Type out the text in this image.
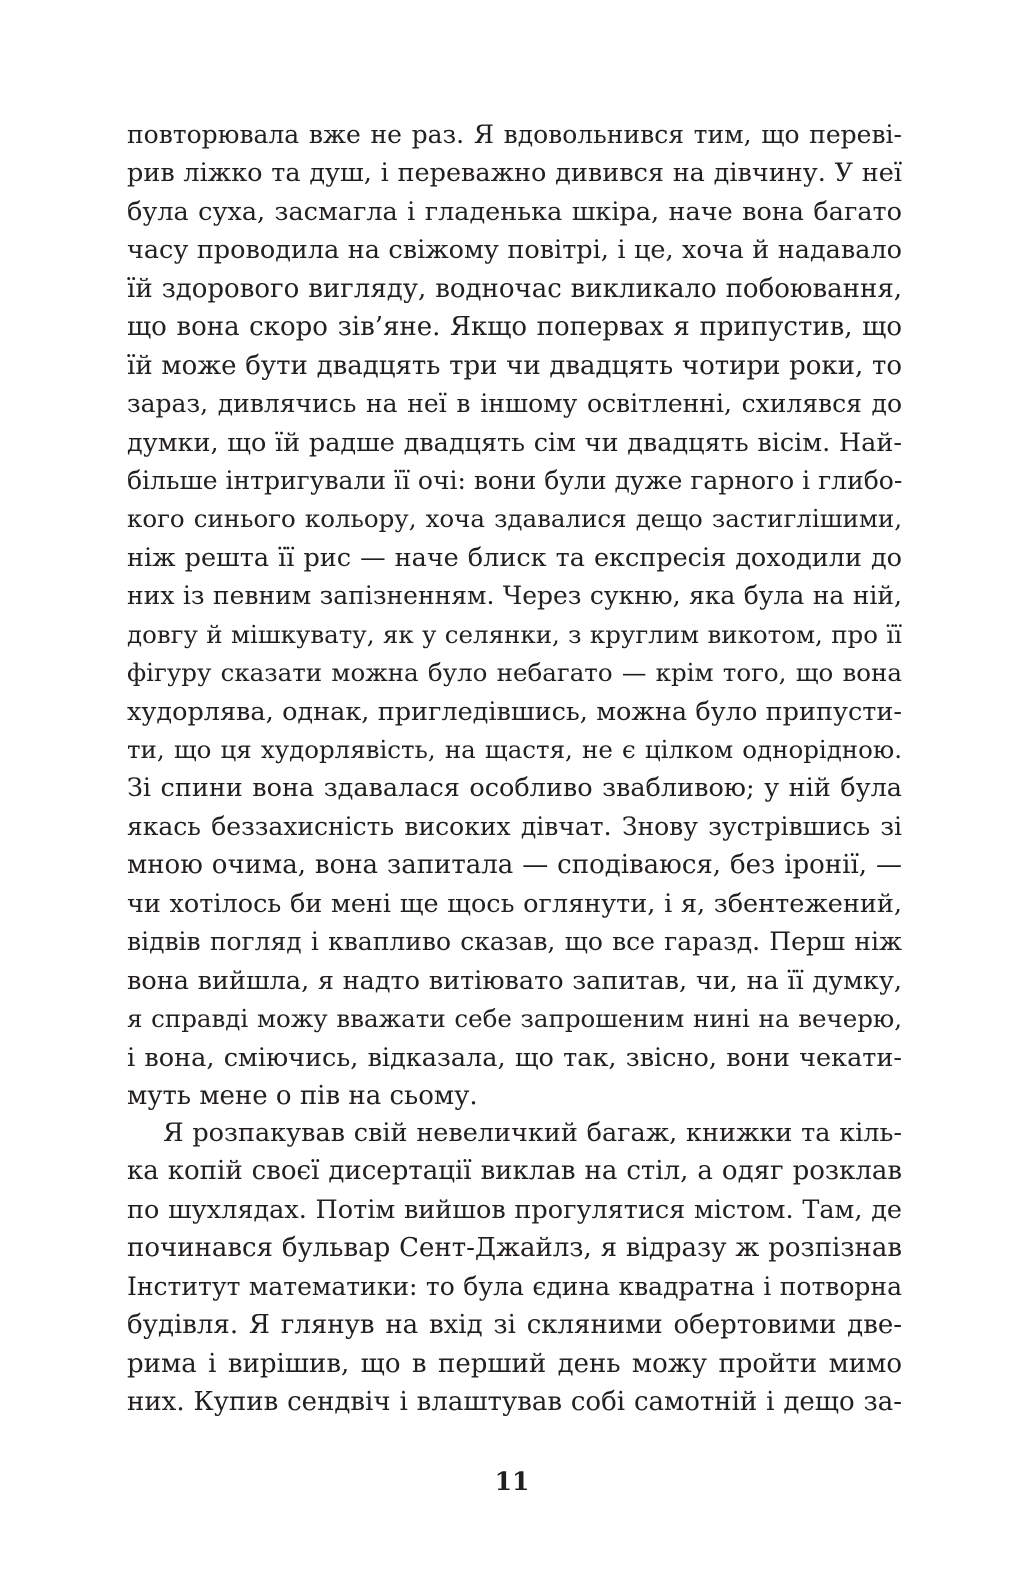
повторювала вже не раз. Я вдовольнився тим, що переві-
рив ліжко та душ, і переважно дивився на дівчину. У неї
була суха, засмагла і гладенька шкіра, наче вона багато
часу проводила на свіжому повітрі, і це, хоча й надавало
їй здорового вигляду, водночас викликало побоювання,
що вона скоро зів’яне. Якщо попервах я припустив, що
їй може бути двадцять три чи двадцять чотири роки, то
зараз, дивлячись на неї в іншому освітленні, схилявся до
думки, що їй радше двадцять сім чи двадцять вісім. Най-
більше інтригували її очі: вони були дуже гарного і глибо-
кого синього кольору, хоча здавалися дещо застиглішими,
ніж решта її рис — наче блиск та експресія доходили до
них із певним запізненням. Через сукню, яка була на ній,
довгу й мішкувату, як у селянки, з круглим викотом, про її
фігуру сказати можна було небагато — крім того, що вона
худорлява, однак, пригледівшись, можна було припусти-
ти, що ця худорлявість, на щастя, не є цілком однорідною.
Зі спини вона здавалася особливо звабливою; у ній була
якась беззахисність високих дівчат. Знову зустрівшись зі
мною очима, вона запитала — сподіваюся, без іронії, —
чи хотілось би мені ще щось оглянути, і я, збентежений,
відвів погляд і квапливо сказав, що все гаразд. Перш ніж
вона вийшла, я надто витіювато запитав, чи, на її думку,
я справді можу вважати себе запрошеним нині на вечерю,
і вона, сміючись, відказала, що так, звісно, вони чекати-
муть мене о пів на сьому.
Я розпакував свій невеличкий багаж, книжки та кіль-
ка копій своєї дисертації виклав на стіл, а одяг розклав
по шухлядах. Потім вийшов прогулятися містом. Там, де
починався бульвар Сент-Джайлз, я відразу ж розпізнав
Інститут математики: то була єдина квадратна і потворна
будівля. Я глянув на вхід зі скляними обертовими две-
рима і вирішив, що в перший день можу пройти мимо
них. Купив сендвіч і влаштував собі самотній і дещо за-
11
